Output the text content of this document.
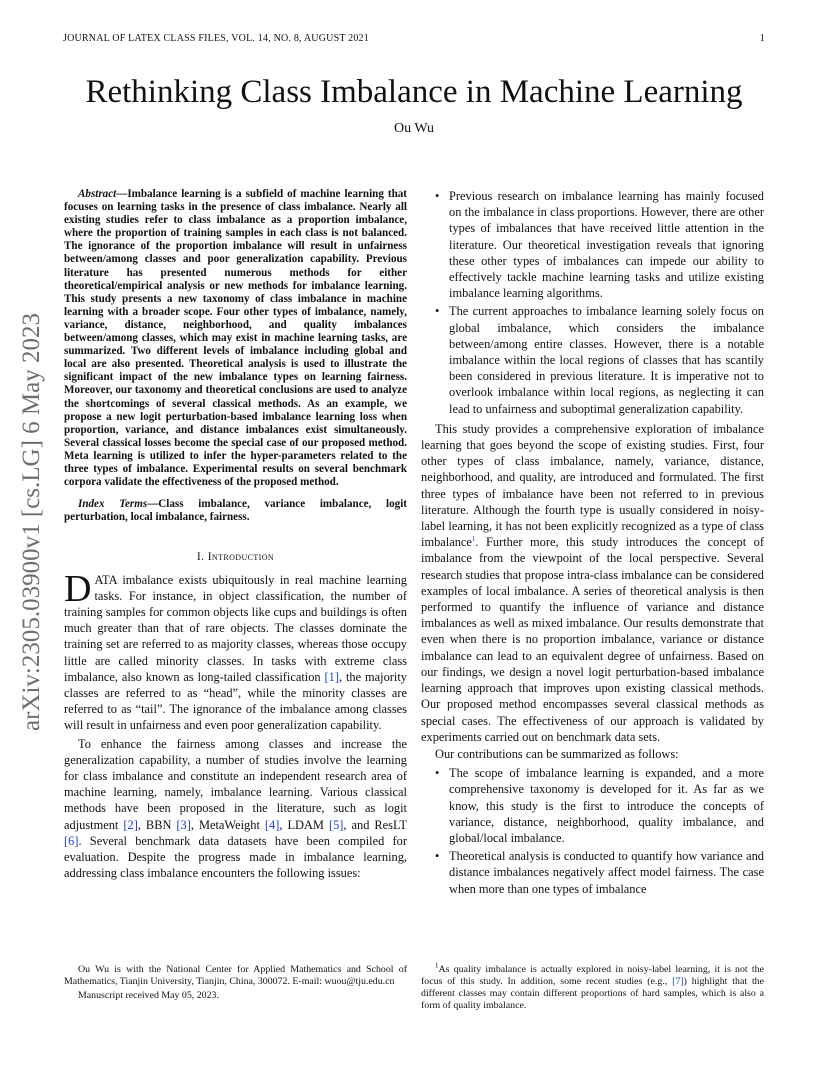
JOURNAL OF LATEX CLASS FILES, VOL. 14, NO. 8, AUGUST 2021	1
Rethinking Class Imbalance in Machine Learning
Ou Wu
arXiv:2305.03900v1 [cs.LG] 6 May 2023
Abstract—Imbalance learning is a subfield of machine learning that focuses on learning tasks in the presence of class imbalance. Nearly all existing studies refer to class imbalance as a proportion imbalance, where the proportion of training samples in each class is not balanced. The ignorance of the proportion imbalance will result in unfairness between/among classes and poor generalization capability. Previous literature has presented numerous methods for either theoretical/empirical analysis or new methods for imbalance learning. This study presents a new taxonomy of class imbalance in machine learning with a broader scope. Four other types of imbalance, namely, variance, distance, neighborhood, and quality imbalances between/among classes, which may exist in machine learning tasks, are summarized. Two different levels of imbalance including global and local are also presented. Theoretical analysis is used to illustrate the significant impact of the new imbalance types on learning fairness. Moreover, our taxonomy and theoretical conclusions are used to analyze the shortcomings of several classical methods. As an example, we propose a new logit perturbation-based imbalance learning loss when proportion, variance, and distance imbalances exist simultaneously. Several classical losses become the special case of our proposed method. Meta learning is utilized to infer the hyper-parameters related to the three types of imbalance. Experimental results on several benchmark corpora validate the effectiveness of the proposed method.
Index Terms—Class imbalance, variance imbalance, logit perturbation, local imbalance, fairness.
I. Introduction

DATA imbalance exists ubiquitously in real machine learning tasks. For instance, in object classification, the number of training samples for common objects like cups and buildings is often much greater than that of rare objects. The classes dominate the training set are referred to as majority classes, whereas those occupy little are called minority classes. In tasks with extreme class imbalance, also known as long-tailed classification [1], the majority classes are referred to as “head”, while the minority classes are referred to as “tail”. The ignorance of the imbalance among classes will result in unfairness and even poor generalization capability.

To enhance the fairness among classes and increase the generalization capability, a number of studies involve the learning for class imbalance and constitute an independent research area of machine learning, namely, imbalance learning. Various classical methods have been proposed in the literature, such as logit adjustment [2], BBN [3], MetaWeight [4], LDAM [5], and ResLT [6]. Several benchmark data datasets have been compiled for evaluation. Despite the progress made in imbalance learning, addressing class imbalance encounters the following issues:

• Previous research on imbalance learning has mainly focused on the imbalance in class proportions. However, there are other types of imbalances that have received little attention in the literature. Our theoretical investigation reveals that ignoring these other types of imbalances can impede our ability to effectively tackle machine learning tasks and utilize existing imbalance learning algorithms.
• The current approaches to imbalance learning solely focus on global imbalance, which considers the imbalance between/among entire classes. However, there is a notable imbalance within the local regions of classes that has scantily been considered in previous literature. It is imperative not to overlook imbalance within local regions, as neglecting it can lead to unfairness and suboptimal generalization capability.

This study provides a comprehensive exploration of imbalance learning that goes beyond the scope of existing studies. First, four other types of class imbalance, namely, variance, distance, neighborhood, and quality, are introduced and formulated. The first three types of imbalance have been not referred to in previous literature. Although the fourth type is usually considered in noisy-label learning, it has not been explicitly recognized as a type of class imbalance$^1$. Further more, this study introduces the concept of imbalance from the viewpoint of the local perspective. Several research studies that propose intra-class imbalance can be considered examples of local imbalance. A series of theoretical analysis is then performed to quantify the influence of variance and distance imbalances as well as mixed imbalance. Our results demonstrate that even when there is no proportion imbalance, variance or distance imbalance can lead to an equivalent degree of unfairness. Based on our findings, we design a novel logit perturbation-based imbalance learning approach that improves upon existing classical methods. Our proposed method encompasses several classical methods as special cases. The effectiveness of our approach is validated by experiments carried out on benchmark data sets.

Our contributions can be summarized as follows:

• The scope of imbalance learning is expanded, and a more comprehensive taxonomy is developed for it. As far as we know, this study is the first to introduce the concepts of variance, distance, neighborhood, quality imbalance, and global/local imbalance.
• Theoretical analysis is conducted to quantify how variance and distance imbalances negatively affect model fairness. The case when more than one types of imbalance

Ou Wu is with the National Center for Applied Mathematics and School of Mathematics, Tianjin University, Tianjin, China, 300072. E-mail: wuou@tju.edu.cn

Manuscript received May 05, 2023.

$^1$As quality imbalance is actually explored in noisy-label learning, it is not the focus of this study. In addition, some recent studies (e.g., [7]) highlight that the different classes may contain different proportions of hard samples, which is also a form of quality imbalance.
